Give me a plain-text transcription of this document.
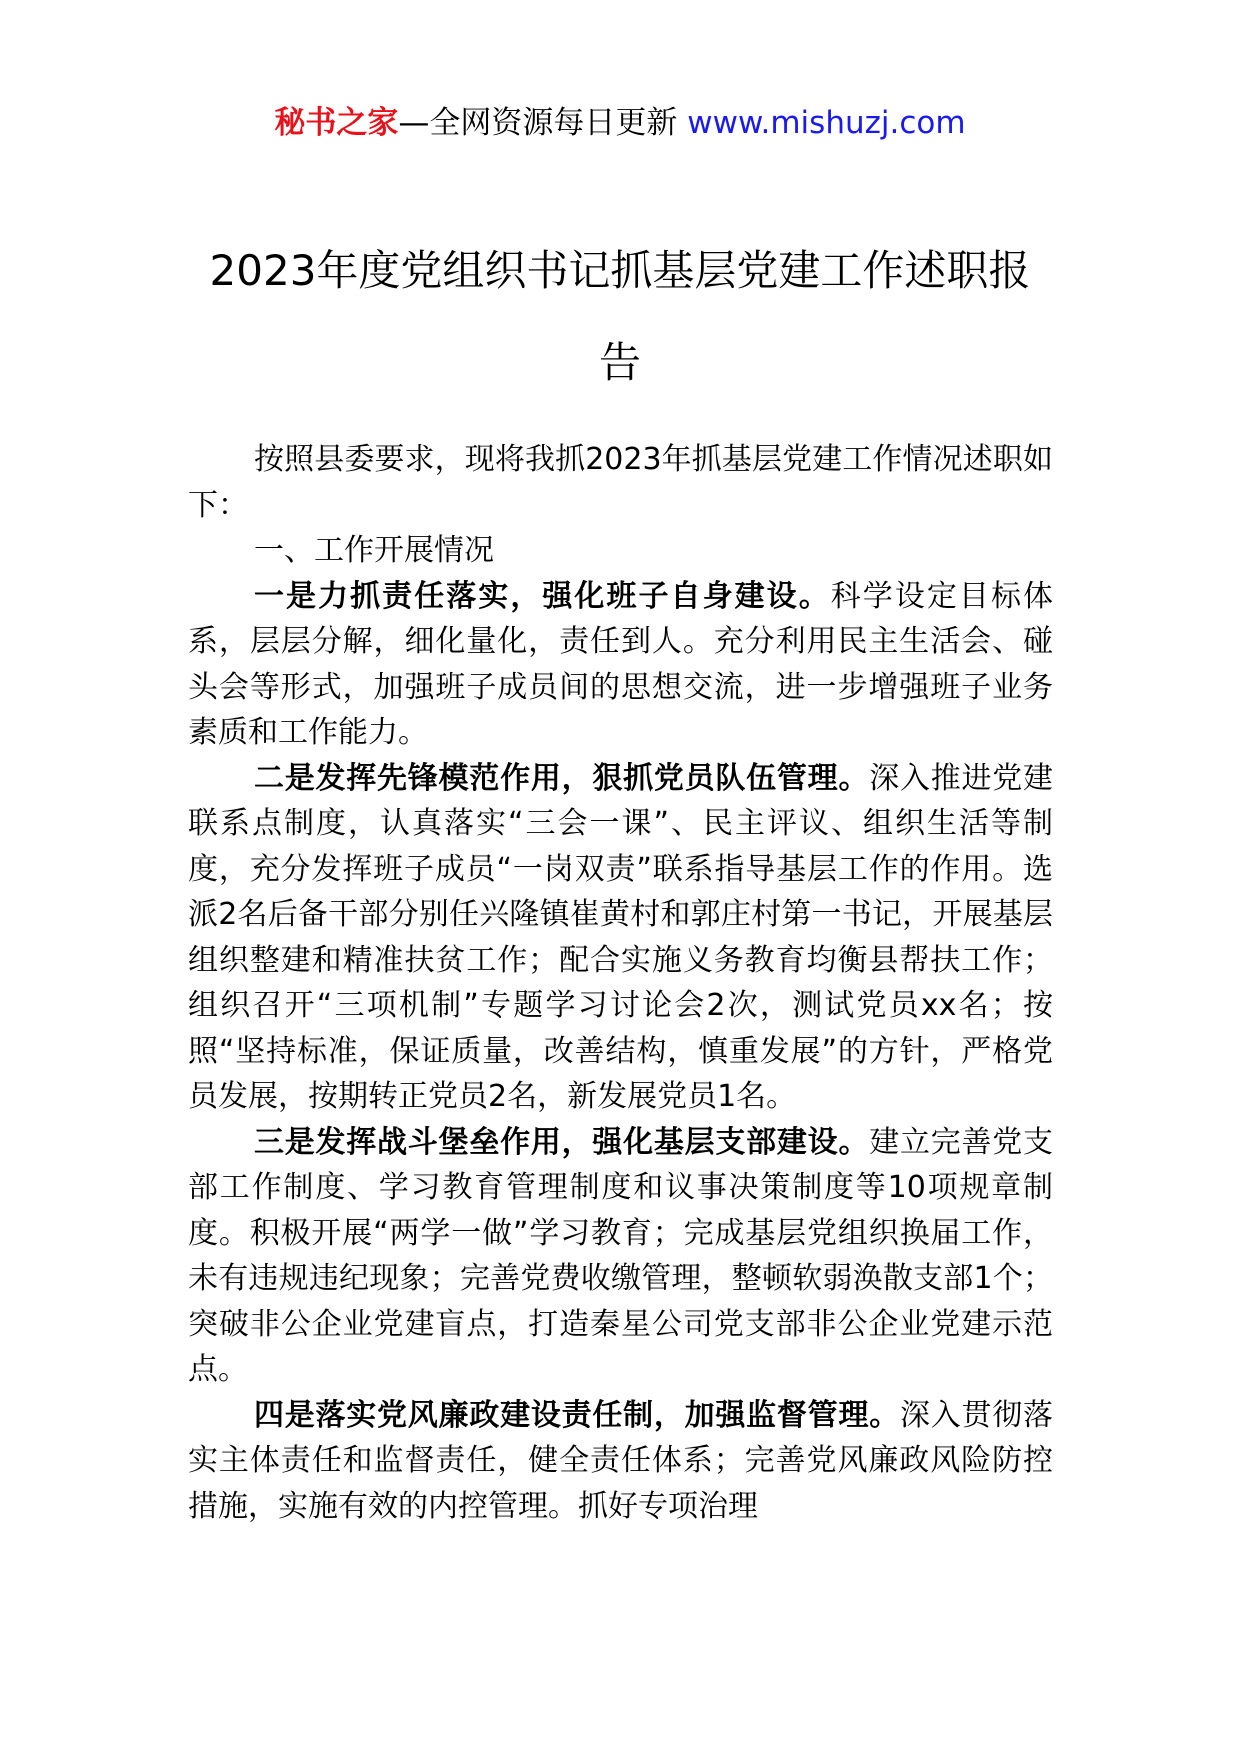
秘书之家—全网资源每日更新 www.mishuzj.com
2023年度党组织书记抓基层党建工作述职报告

按照县委要求，现将我抓2023年抓基层党建工作情况述职如下：

一、工作开展情况

一是力抓责任落实，强化班子自身建设。科学设定目标体系，层层分解，细化量化，责任到人。充分利用民主生活会、碰头会等形式，加强班子成员间的思想交流，进一步增强班子业务素质和工作能力。

二是发挥先锋模范作用，狠抓党员队伍管理。深入推进党建联系点制度，认真落实“三会一课”、民主评议、组织生活等制度，充分发挥班子成员“一岗双责”联系指导基层工作的作用。选派2名后备干部分别任兴隆镇崔黄村和郭庄村第一书记，开展基层组织整建和精准扶贫工作；配合实施义务教育均衡县帮扶工作；组织召开“三项机制”专题学习讨论会2次，测试党员xx名；按照“坚持标准，保证质量，改善结构，慎重发展”的方针，严格党员发展，按期转正党员2名，新发展党员1名。

三是发挥战斗堡垒作用，强化基层支部建设。建立完善党支部工作制度、学习教育管理制度和议事决策制度等10项规章制度。积极开展“两学一做”学习教育；完成基层党组织换届工作，未有违规违纪现象；完善党费收缴管理，整顿软弱涣散支部1个；突破非公企业党建盲点，打造秦星公司党支部非公企业党建示范点。

四是落实党风廉政建设责任制，加强监督管理。深入贯彻落实主体责任和监督责任，健全责任体系；完善党风廉政风险防控措施，实施有效的内控管理。抓好专项治理
